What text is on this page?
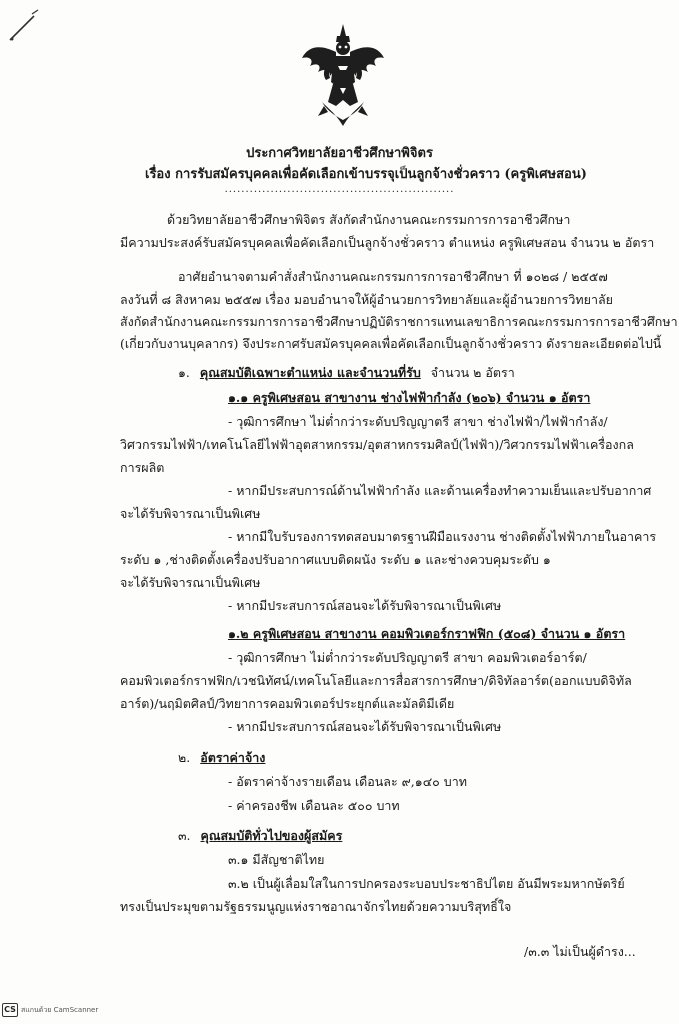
ประกาศวิทยาลัยอาชีวศึกษาพิจิตร
เรื่อง การรับสมัครบุคคลเพื่อคัดเลือกเข้าบรรจุเป็นลูกจ้างชั่วคราว (ครูพิเศษสอน)
.......................................................
ด้วยวิทยาลัยอาชีวศึกษาพิจิตร สังกัดสำนักงานคณะกรรมการการอาชีวศึกษา
มีความประสงค์รับสมัครบุคคลเพื่อคัดเลือกเป็นลูกจ้างชั่วคราว ตำแหน่ง ครูพิเศษสอน จำนวน ๒ อัตรา
อาศัยอำนาจตามคำสั่งสำนักงานคณะกรรมการการอาชีวศึกษา ที่ ๑๐๒๘ / ๒๕๕๗
ลงวันที่ ๘ สิงหาคม ๒๕๕๗ เรื่อง มอบอำนาจให้ผู้อำนวยการวิทยาลัยและผู้อำนวยการวิทยาลัย
สังกัดสำนักงานคณะกรรมการการอาชีวศึกษาปฏิบัติราชการแทนเลขาธิการคณะกรรมการการอาชีวศึกษา
(เกี่ยวกับงานบุคลากร) จึงประกาศรับสมัครบุคคลเพื่อคัดเลือกเป็นลูกจ้างชั่วคราว ดังรายละเอียดต่อไปนี้
๑. คุณสมบัติเฉพาะตำแหน่ง และจำนวนที่รับ จำนวน ๒ อัตรา
๑.๑ ครูพิเศษสอน สาขางาน ช่างไฟฟ้ากำลัง (๒๐๖) จำนวน ๑ อัตรา
- วุฒิการศึกษา ไม่ต่ำกว่าระดับปริญญาตรี สาขา ช่างไฟฟ้า/ไฟฟ้ากำลัง/
วิศวกรรมไฟฟ้า/เทคโนโลยีไฟฟ้าอุตสาหกรรม/อุตสาหกรรมศิลป์(ไฟฟ้า)/วิศวกรรมไฟฟ้าเครื่องกล
การผลิต
- หากมีประสบการณ์ด้านไฟฟ้ากำลัง และด้านเครื่องทำความเย็นและปรับอากาศ
จะได้รับพิจารณาเป็นพิเศษ
- หากมีใบรับรองการทดสอบมาตรฐานฝีมือแรงงาน ช่างติดตั้งไฟฟ้าภายในอาคาร
ระดับ ๑ ,ช่างติดตั้งเครื่องปรับอากาศแบบติดผนัง ระดับ ๑ และช่างควบคุมระดับ ๑
จะได้รับพิจารณาเป็นพิเศษ
- หากมีประสบการณ์สอนจะได้รับพิจารณาเป็นพิเศษ
๑.๒ ครูพิเศษสอน สาขางาน คอมพิวเตอร์กราฟฟิก (๕๐๘) จำนวน ๑ อัตรา
- วุฒิการศึกษา ไม่ต่ำกว่าระดับปริญญาตรี สาขา คอมพิวเตอร์อาร์ต/
คอมพิวเตอร์กราฟฟิก/เวชนิทัศน์/เทคโนโลยีและการสื่อสารการศึกษา/ดิจิทัลอาร์ต(ออกแบบดิจิทัล
อาร์ต)/นฤมิตศิลป์/วิทยาการคอมพิวเตอร์ประยุกต์และมัลติมีเดีย
- หากมีประสบการณ์สอนจะได้รับพิจารณาเป็นพิเศษ
๒. อัตราค่าจ้าง
- อัตราค่าจ้างรายเดือน เดือนละ ๙,๑๔๐ บาท
- ค่าครองชีพ เดือนละ ๕๐๐ บาท
๓. คุณสมบัติทั่วไปของผู้สมัคร
๓.๑ มีสัญชาติไทย
๓.๒ เป็นผู้เลื่อมใสในการปกครองระบอบประชาธิปไตย อันมีพระมหากษัตริย์
ทรงเป็นประมุขตามรัฐธรรมนูญแห่งราชอาณาจักรไทยด้วยความบริสุทธิ์ใจ
/๓.๓ ไม่เป็นผู้ดำรง...
CS สแกนด้วย CamScanner
